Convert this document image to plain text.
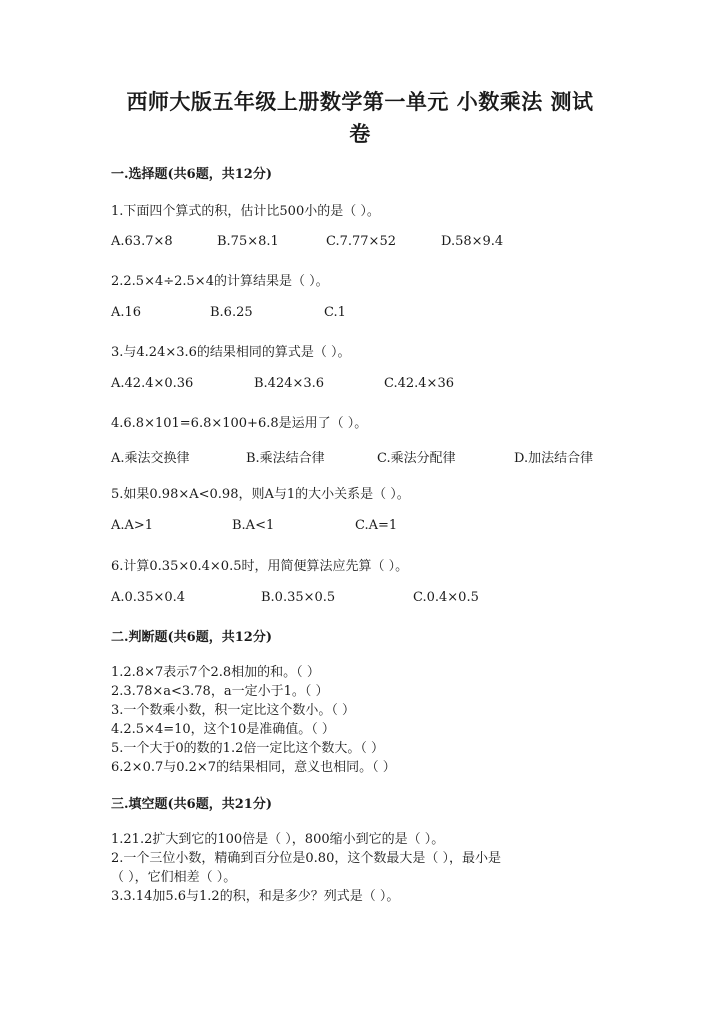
西师大版五年级上册数学第一单元 小数乘法 测试
卷
一.选择题(共6题，共12分)
1.下面四个算式的积，估计比500小的是（ ）。
A.63.7×8	B.75×8.1	C.7.77×52	D.58×9.4
2.2.5×4÷2.5×4的计算结果是（ ）。
A.16	B.6.25	C.1
3.与4.24×3.6的结果相同的算式是（ ）。
A.42.4×0.36	B.424×3.6	C.42.4×36
4.6.8×101=6.8×100+6.8是运用了（ ）。
A.乘法交换律	B.乘法结合律	C.乘法分配律	D.加法结合律
5.如果0.98×A<0.98，则A与1的大小关系是（ ）。
A.A>1	B.A<1	C.A=1
6.计算0.35×0.4×0.5时，用简便算法应先算（ ）。
A.0.35×0.4	B.0.35×0.5	C.0.4×0.5
二.判断题(共6题，共12分)
1.2.8×7表示7个2.8相加的和。（ ）
2.3.78×a<3.78，a一定小于1。（ ）
3.一个数乘小数，积一定比这个数小。（ ）
4.2.5×4=10，这个10是准确值。（ ）
5.一个大于0的数的1.2倍一定比这个数大。（ ）
6.2×0.7与0.2×7的结果相同，意义也相同。（ ）
三.填空题(共6题，共21分)
1.21.2扩大到它的100倍是（ ），800缩小到它的是（ ）。
2.一个三位小数，精确到百分位是0.80，这个数最大是（ ），最小是
（ ），它们相差（ ）。
3.3.14加5.6与1.2的积，和是多少？列式是（ ）。
